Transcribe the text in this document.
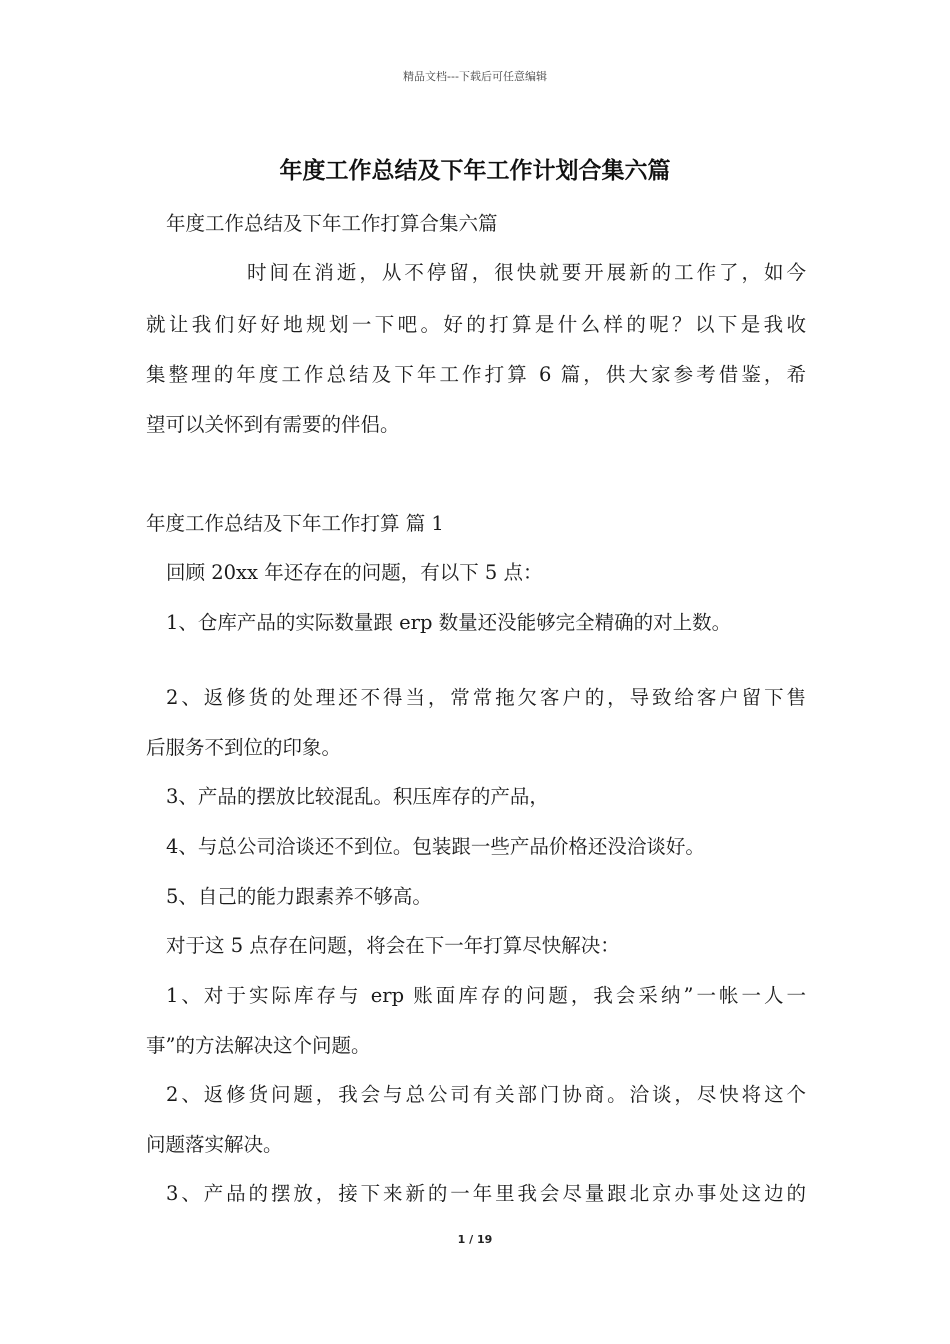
精品文档---下载后可任意编辑
年度工作总结及下年工作计划合集六篇
年度工作总结及下年工作打算合集六篇
时间在消逝，从不停留，很快就要开展新的工作了，如今
就让我们好好地规划一下吧。好的打算是什么样的呢？以下是我收
集整理的年度工作总结及下年工作打算 6 篇，供大家参考借鉴，希
望可以关怀到有需要的伴侣。
年度工作总结及下年工作打算 篇 1
回顾 20xx 年还存在的问题，有以下 5 点：
1、仓库产品的实际数量跟 erp 数量还没能够完全精确的对上数。
2、返修货的处理还不得当，常常拖欠客户的，导致给客户留下售
后服务不到位的印象。
3、产品的摆放比较混乱。积压库存的产品，
4、与总公司洽谈还不到位。包装跟一些产品价格还没洽谈好。
5、自己的能力跟素养不够高。
对于这 5 点存在问题，将会在下一年打算尽快解决：
1、对于实际库存与 erp 账面库存的问题，我会采纳”一帐一人一
事”的方法解决这个问题。
2、返修货问题，我会与总公司有关部门协商。洽谈，尽快将这个
问题落实解决。
3、产品的摆放，接下来新的一年里我会尽量跟北京办事处这边的
1 / 19
